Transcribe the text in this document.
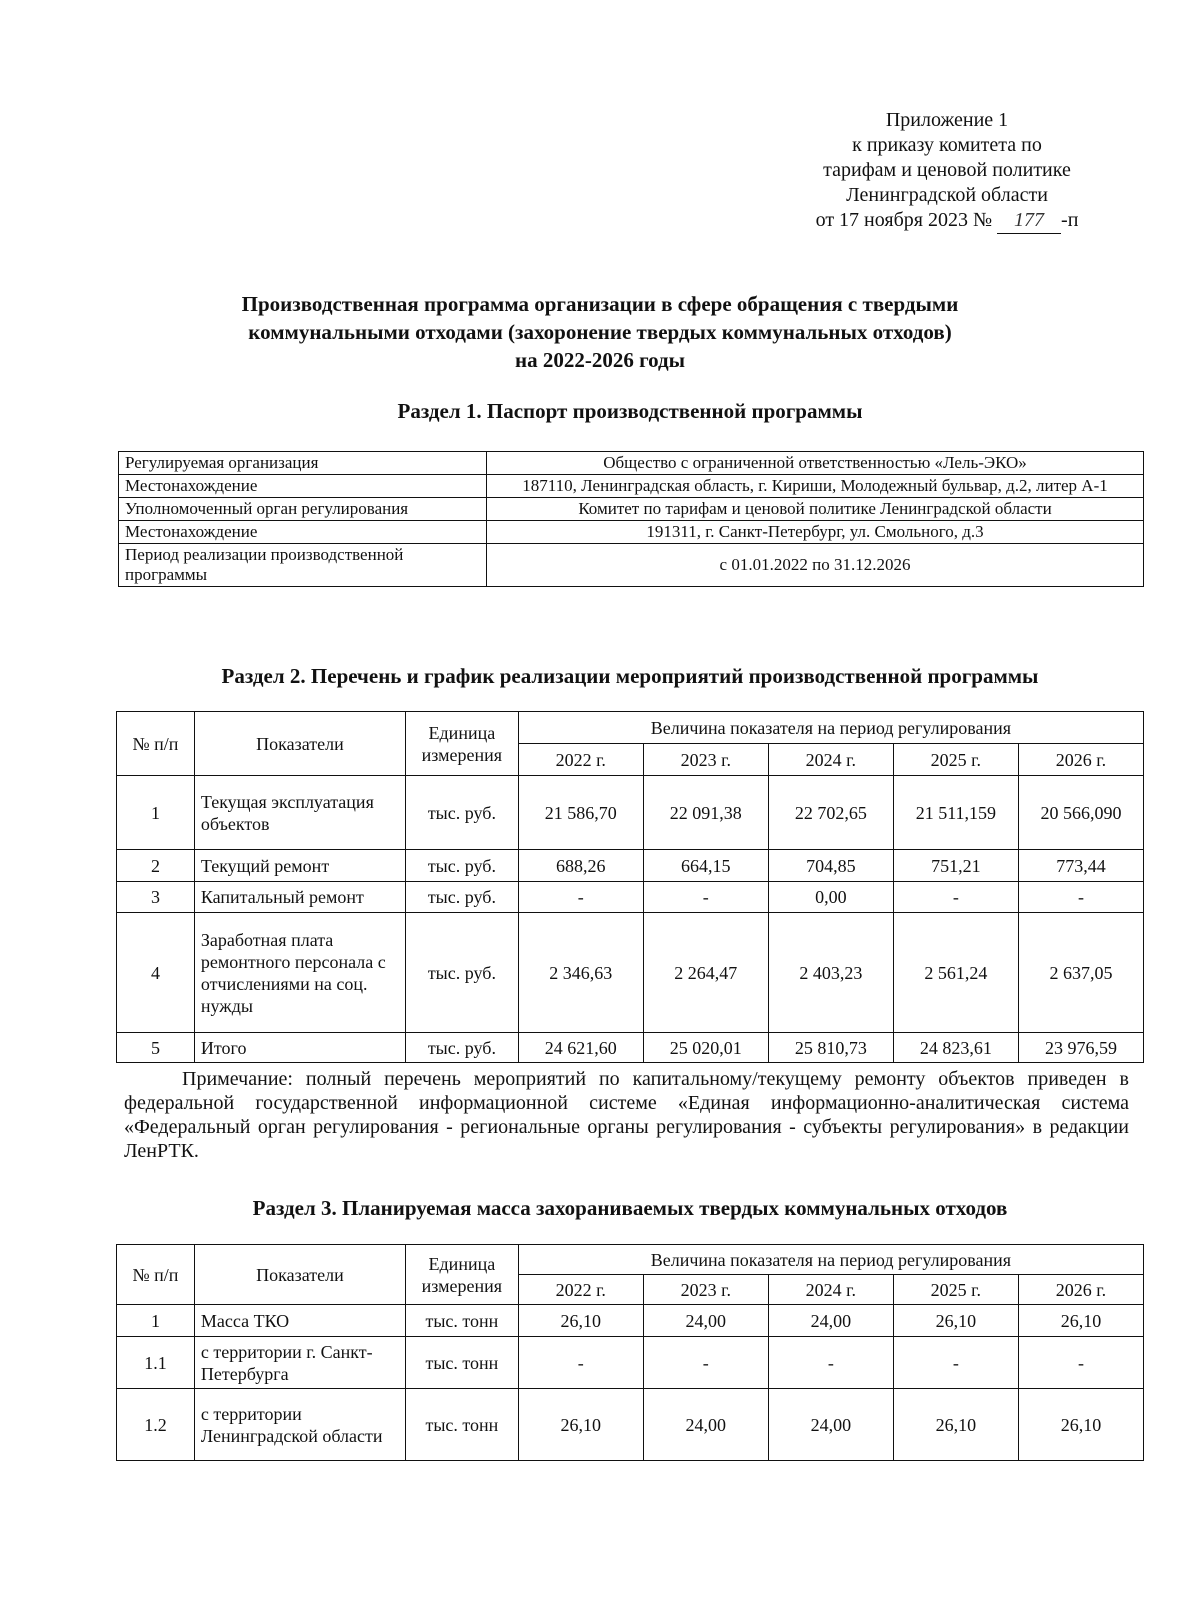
Приложение 1
к приказу комитета по
тарифам и ценовой политике
Ленинградской области
от 17 ноября 2023 № 177 -п
Производственная программа организации в сфере обращения с твердыми
коммунальными отходами (захоронение твердых коммунальных отходов)
на 2022-2026 годы
Раздел 1. Паспорт производственной программы
Регулируемая организация	Общество с ограниченной ответственностью «Лель-ЭКО»
Местонахождение	187110, Ленинградская область, г. Кириши, Молодежный бульвар, д.2, литер А-1
Уполномоченный орган регулирования	Комитет по тарифам и ценовой политике Ленинградской области
Местонахождение	191311, г. Санкт-Петербург, ул. Смольного, д.3
Период реализации производственной программы	с 01.01.2022 по 31.12.2026
Раздел 2. Перечень и график реализации мероприятий производственной программы
№ п/п	Показатели	Единица измерения	Величина показателя на период регулирования				
			2022 г.	2023 г.	2024 г.	2025 г.	2026 г.
1	Текущая эксплуатация объектов	тыс. руб.	21 586,70	22 091,38	22 702,65	21 511,159	20 566,090
2	Текущий ремонт	тыс. руб.	688,26	664,15	704,85	751,21	773,44
3	Капитальный ремонт	тыс. руб.	-	-	0,00	-	-
4	Заработная плата ремонтного персонала с отчислениями на соц. нужды	тыс. руб.	2 346,63	2 264,47	2 403,23	2 561,24	2 637,05
5	Итого	тыс. руб.	24 621,60	25 020,01	25 810,73	24 823,61	23 976,59
Примечание: полный перечень мероприятий по капитальному/текущему ремонту объектов приведен в федеральной государственной информационной системе «Единая информационно-аналитическая система «Федеральный орган регулирования - региональные органы регулирования - субъекты регулирования» в редакции ЛенРТК.
Раздел 3. Планируемая масса захораниваемых твердых коммунальных отходов
№ п/п	Показатели	Единица измерения	Величина показателя на период регулирования				
			2022 г.	2023 г.	2024 г.	2025 г.	2026 г.
1	Масса ТКО	тыс. тонн	26,10	24,00	24,00	26,10	26,10
1.1	с территории г. Санкт-Петербурга	тыс. тонн	-	-	-	-	-
1.2	с территории Ленинградской области	тыс. тонн	26,10	24,00	24,00	26,10	26,10
